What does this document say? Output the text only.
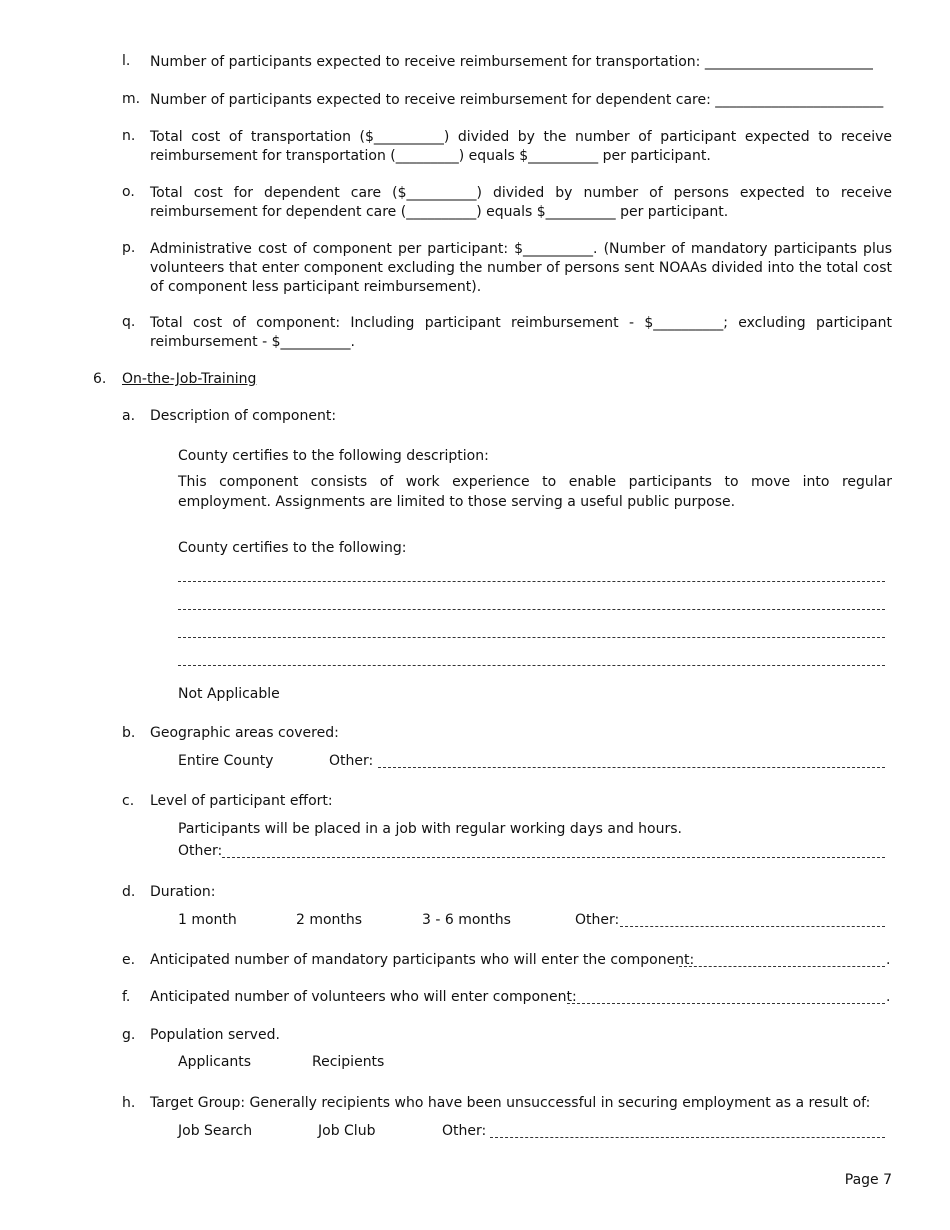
l. Number of participants expected to receive reimbursement for transportation: ________________________
m. Number of participants expected to receive reimbursement for dependent care: ________________________
n. Total cost of transportation ($__________) divided by the number of participant expected to receive reimbursement for transportation (_________) equals $__________ per participant.
o. Total cost for dependent care ($__________) divided by number of persons expected to receive reimbursement for dependent care (__________) equals $__________ per participant.
p. Administrative cost of component per participant: $__________. (Number of mandatory participants plus volunteers that enter component excluding the number of persons sent NOAAs divided into the total cost of component less participant reimbursement).
q. Total cost of component: Including participant reimbursement - $__________; excluding participant reimbursement - $__________.
6. On-the-Job-Training
a. Description of component:
County certifies to the following description:
This component consists of work experience to enable participants to move into regular employment. Assignments are limited to those serving a useful public purpose.
County certifies to the following:
Not Applicable
b. Geographic areas covered:
Entire County	Other:
c. Level of participant effort:
Participants will be placed in a job with regular working days and hours.
Other:
d. Duration:
1 month	2 months	3 - 6 months	Other:
e. Anticipated number of mandatory participants who will enter the component:	.
f. Anticipated number of volunteers who will enter component:	.
g. Population served.
Applicants	Recipients
h. Target Group: Generally recipients who have been unsuccessful in securing employment as a result of:
Job Search	Job Club	Other:
Page 7
